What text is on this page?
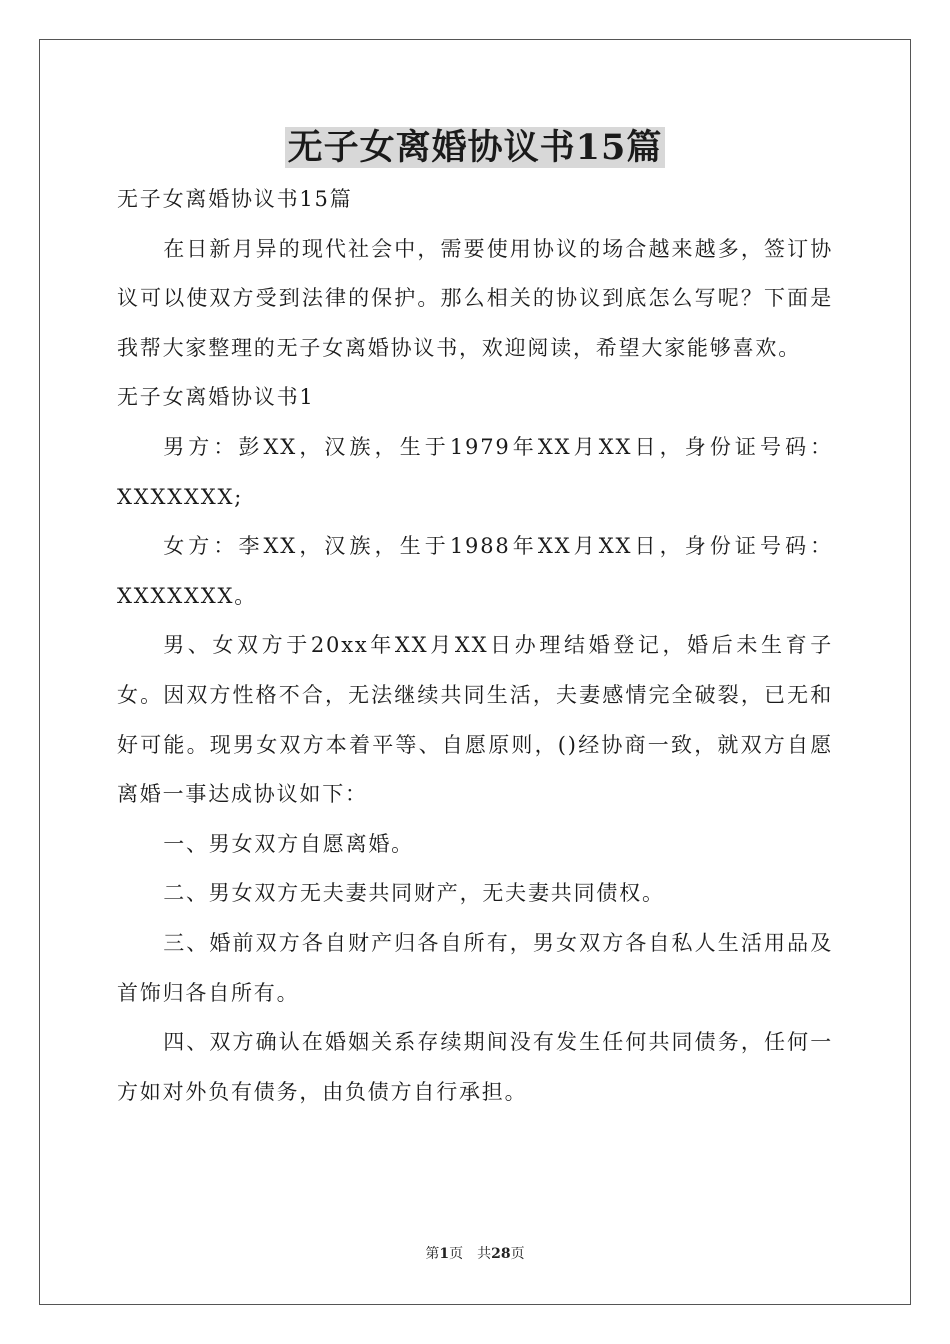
无子女离婚协议书15篇

无子女离婚协议书15篇

在日新月异的现代社会中，需要使用协议的场合越来越多，签订协议可以使双方受到法律的保护。那么相关的协议到底怎么写呢？下面是我帮大家整理的无子女离婚协议书，欢迎阅读，希望大家能够喜欢。

无子女离婚协议书1

男方：彭XX，汉族，生于1979年XX月XX日，身份证号码：XXXXXXX;

女方：李XX，汉族，生于1988年XX月XX日，身份证号码：XXXXXXX。

男、女双方于20xx年XX月XX日办理结婚登记，婚后未生育子女。因双方性格不合，无法继续共同生活，夫妻感情完全破裂，已无和好可能。现男女双方本着平等、自愿原则，()经协商一致，就双方自愿离婚一事达成协议如下：

一、男女双方自愿离婚。

二、男女双方无夫妻共同财产，无夫妻共同债权。

三、婚前双方各自财产归各自所有，男女双方各自私人生活用品及首饰归各自所有。

四、双方确认在婚姻关系存续期间没有发生任何共同债务，任何一方如对外负有债务，由负债方自行承担。

第1页 共28页
